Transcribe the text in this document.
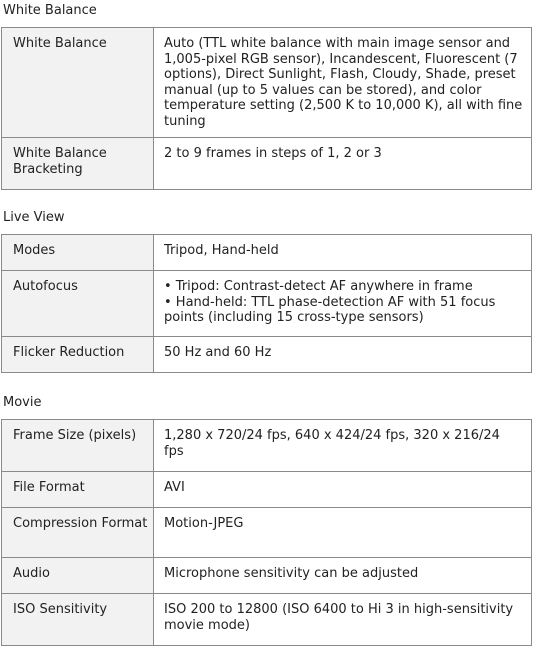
White Balance
White Balance	Auto (TTL white balance with main image sensor and 1,005-pixel RGB sensor), Incandescent, Fluorescent (7 options), Direct Sunlight, Flash, Cloudy, Shade, preset manual (up to 5 values can be stored), and color temperature setting (2,500 K to 10,000 K), all with fine tuning
White Balance Bracketing	2 to 9 frames in steps of 1, 2 or 3
Live View
Modes	Tripod, Hand-held
Autofocus	• Tripod: Contrast-detect AF anywhere in frame
• Hand-held: TTL phase-detection AF with 51 focus points (including 15 cross-type sensors)

Flicker Reduction	50 Hz and 60 Hz
Movie
Frame Size (pixels)	1,280 x 720/24 fps, 640 x 424/24 fps, 320 x 216/24 fps
File Format	AVI
Compression Format	Motion-JPEG
Audio	Microphone sensitivity can be adjusted
ISO Sensitivity	ISO 200 to 12800 (ISO 6400 to Hi 3 in high-sensitivity movie mode)
